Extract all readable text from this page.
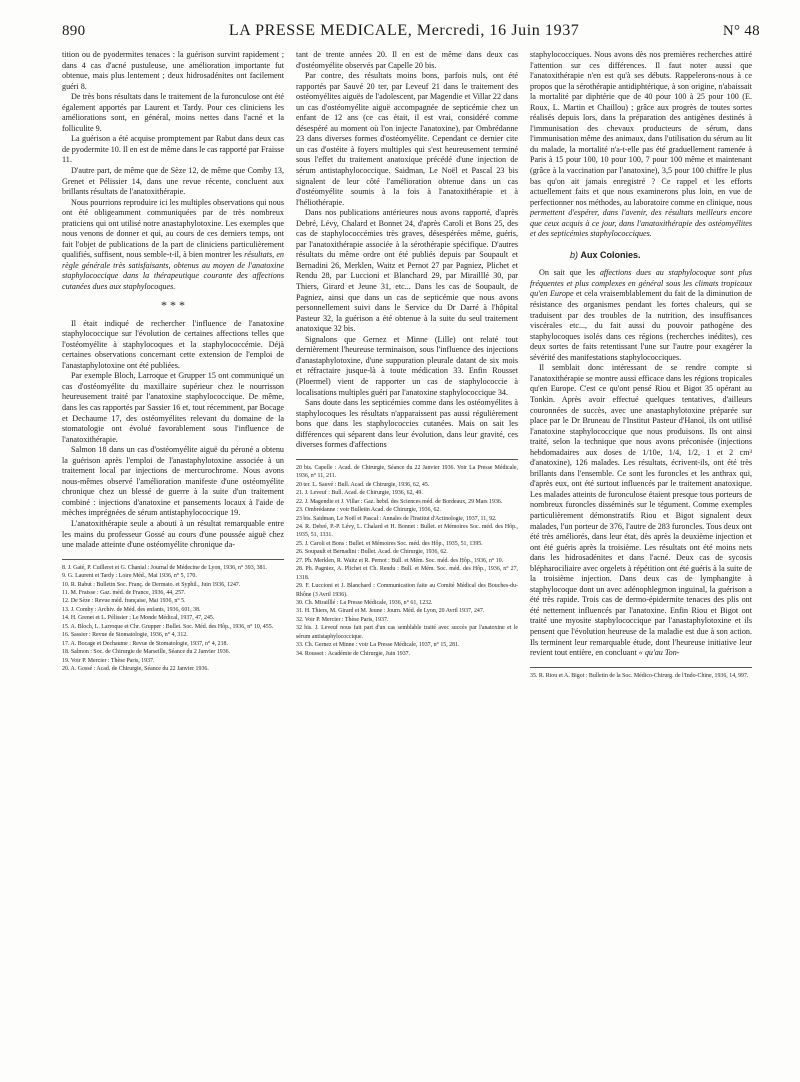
890	LA PRESSE MEDICALE, Mercredi, 16 Juin 1937	N° 48

tition ou de pyodermites tenaces : la guérison survint rapidement ; dans 4 cas d'acné pustuleuse, une amélioration importante fut obtenue, mais plus lentement ; deux hidrosadénites ont facilement guéri 8.

De très bons résultats dans le traitement de la furonculose ont été également apportés par Laurent et Tardy. Pour ces cliniciens les améliorations sont, en général, moins nettes dans l'acné et la folliculite 9.

La guérison a été acquise promptement par Rabut dans deux cas de pyodermite 10. Il en est de même dans le cas rapporté par Fraisse 11.

D'autre part, de même que de Sèze 12, de même que Comby 13, Grenet et Pélissier 14, dans une revue récente, concluent aux brillants résultats de l'anatoxithérapie.

Nous pourrions reproduire ici les multiples observations qui nous ont été obligeamment communiquées par de très nombreux praticiens qui ont utilisé notre anastaphylotoxine. Les exemples que nous venons de donner et qui, au cours de ces derniers temps, ont fait l'objet de publications de la part de cliniciens particulièrement qualifiés, suffisent, nous semble-t-il, à bien montrer les résultats, en règle générale très satisfaisants, obtenus au moyen de l'anatoxine staphylococcique dans la thérapeutique courante des affections cutanées dues aux staphylocoques.

* * *

Il était indiqué de rechercher l'influence de l'anatoxine staphylococcique sur l'évolution de certaines affections telles que l'ostéomyélite à staphylocoques et la staphylococcémie. Déjà certaines observations concernant cette extension de l'emploi de l'anastaphylotoxine ont été publiées.

Par exemple Bloch, Larroque et Grupper 15 ont communiqué un cas d'ostéomyélite du maxillaire supérieur chez le nourrisson heureusement traité par l'anatoxine staphylococcique. De même, dans les cas rapportés par Sassier 16 et, tout récemment, par Bocage et Dechaume 17, des ostéomyélites relevant du domaine de la stomatologie ont évolué favorablement sous l'influence de l'anatoxithérapie.

Salmon 18 dans un cas d'ostéomyélite aiguë du péroné a obtenu la guérison après l'emploi de l'anastaphylotoxine associée à un traitement local par injections de mercurochrome. Nous avons nous-mêmes observé l'amélioration manifeste d'une ostéomyélite chronique chez un blessé de guerre à la suite d'un traitement combiné : injections d'anatoxine et pansements locaux à l'aide de mèches imprégnées de sérum antistaphylococcique 19.

L'anatoxithérapie seule a abouti à un résultat remarquable entre les mains du professeur Gossé au cours d'une poussée aiguë chez une malade atteinte d'une ostéomyélite chronique da-

8. J. Gaté, P. Cuilleret et G. Chanial : Journal de Médecine de Lyon, 1936, n° 393, 381.
9. G. Laurent et Tardy : Loire Méd., Mai 1936, n° 5, 170.
10. R. Rabut : Bulletin Soc. Franç. de Dermato. et Syphil., Juin 1936, 1247.
11. M. Fraisse : Gaz. méd. de France, 1936, 44, 257.
12. De Sèze : Revue méd. française, Mai 1936, n° 5.
13. J. Comby : Archiv. de Méd. des enfants, 1936, 601, 38.
14. H. Grenet et L. Pélissier : Le Monde Médical, 1937, 47, 245.
15. A. Bloch, L. Larroque et Chr. Grupper : Bullet. Soc. Méd. des Hôp., 1936, n° 10, 455.
16. Sassier : Revue de Stomatologie, 1936, n° 4, 312.
17. A. Bocage et Dechaume : Revue de Stomatologie, 1937, n° 4, 218.
18. Salmon : Soc. de Chirurgie de Marseille, Séance du 2 Janvier 1936.
19. Voir P. Mercier : Thèse Paris, 1937.
20. A. Gossé : Acad. de Chirurgie, Séance du 22 Janvier 1936.

tant de trente années 20. Il en est de même dans deux cas d'ostéomyélite observés par Capelle 20 bis.

Par contre, des résultats moins bons, parfois nuls, ont été rapportés par Sauvé 20 ter, par Leveuf 21 dans le traitement des ostéomyélites aiguës de l'adolescent, par Magendie et Villar 22 dans un cas d'ostéomyélite aiguë accompagnée de septicémie chez un enfant de 12 ans (ce cas était, il est vrai, considéré comme désespéré au moment où l'on injecte l'anatoxine), par Ombrédanne 23 dans diverses formes d'ostéomyélite. Cependant ce dernier cite un cas d'ostéite à foyers multiples qui s'est heureusement terminé sous l'effet du traitement anatoxique précédé d'une injection de sérum antistaphylococcique. Saidman, Le Noël et Pascal 23 bis signalent de leur côté l'amélioration obtenue dans un cas d'ostéomyélite soumis à la fois à l'anatoxithérapie et à l'héliothérapie.

Dans nos publications antérieures nous avons rapporté, d'après Debré, Lévy, Chalard et Bonnet 24, d'après Caroli et Bons 25, des cas de staphylococcémies très graves, désespérées même, guéris, par l'anatoxithérapie associée à la sérothérapie spécifique. D'autres résultats du même ordre ont été publiés depuis par Soupault et Bernadini 26, Merklen, Waitz et Pernot 27 par Pagniez, Plichet et Rendu 28, par Luccioni et Blanchard 29, par Mirailllé 30, par Thiers, Girard et Jeune 31, etc... Dans les cas de Soupault, de Pagniez, ainsi que dans un cas de septicémie que nous avons personnellement suivi dans le Service du Dr Darré à l'hôpital Pasteur 32, la guérison a été obtenue à la suite du seul traitement anatoxique 32 bis.

Signalons que Gernez et Minne (Lille) ont relaté tout dernièrement l'heureuse terminaison, sous l'influence des injections d'anastaphylotoxine, d'une suppuration pleurale datant de six mois et réfractaire jusque-là à toute médication 33. Enfin Rousset (Ploermel) vient de rapporter un cas de staphylococcie à localisations multiples guéri par l'anatoxine staphylococcique 34.

Sans doute dans les septicémies comme dans les ostéomyélites à staphylocoques les résultats n'apparaissent pas aussi régulièrement bons que dans les staphylococcies cutanées. Mais on sait les différences qui séparent dans leur évolution, dans leur gravité, ces diverses formes d'affections

20 bis. Capelle : Acad. de Chirurgie, Séance du 22 Janvier 1936. Voir La Presse Médicale, 1936, n° 11, 211.
20 ter. L. Sauvé : Bull. Acad. de Chirurgie, 1936, 62, 45.
21. J. Leveuf : Bull. Acad. de Chirurgie, 1936, 62, 49.
22. J. Magendie et J. Villar : Gaz. hebd. des Sciences méd. de Bordeaux, 29 Mars 1936.
23. Ombrédanne : voir Bulletin Acad. de Chirurgie, 1936, 62.
23 bis. Saidman, Le Noël et Pascal : Annales de l'Institut d'Actinologie, 1937, 11, 92.
24. R. Debré, P.-P. Lévy, L. Chalard et H. Bonnet : Bullet. et Mémoires Soc. méd. des Hôp., 1935, 51, 1331.
25. J. Caroli et Bons : Bullet. et Mémoires Soc. méd. des Hôp., 1935, 51, 1395.
26. Soupault et Bernadini : Bullet. Acad. de Chirurgie, 1936, 62.
27. Ph. Merklen, R. Waitz et R. Pernot : Bull. et Mém. Soc. méd. des Hôp., 1936, n° 10.
28. Ph. Pagniez, A. Plichet et Ch. Rendu : Bull. et Mém. Soc. méd. des Hôp., 1936, n° 27, 1318.
29. F. Luccioni et J. Blanchard : Communication faite au Comité Médical des Bouches-du-Rhône (3 Avril 1936).
30. Ch. Mirailllé : La Presse Médicale, 1936, n° 61, 1232.
31. H. Thiers, M. Girard et M. Jeune : Journ. Méd. de Lyon, 20 Avril 1937, 247.
32. Voir P. Mercier : Thèse Paris, 1937.
32 bis. J. Leveuf nous fait part d'un cas semblable traité avec succès par l'anatoxine et le sérum antistaphylococcique.
33. Ch. Gernez et Minne : voir La Presse Médicale, 1937, n° 15, 281.
34. Rousset : Académie de Chirurgie, Juin 1937.

staphylococciques. Nous avons dès nos premières recherches attiré l'attention sur ces différences. Il faut noter aussi que l'anatoxithérapie n'en est qu'à ses débuts. Rappelerons-nous à ce propos que la sérothérapie antidiphtérique, à son origine, n'abaissait la mortalité par diphtérie que de 40 pour 100 à 25 pour 100 (E. Roux, L. Martin et Chaillou) ; grâce aux progrès de toutes sortes réalisés depuis lors, dans la préparation des antigènes destinés à l'immunisation des chevaux producteurs de sérum, dans l'immunisation même des animaux, dans l'utilisation du sérum au lit du malade, la mortalité n'a-t-elle pas été graduellement ramenée à Paris à 15 pour 100, 10 pour 100, 7 pour 100 même et maintenant (grâce à la vaccination par l'anatoxine), 3,5 pour 100 chiffre le plus bas qu'on ait jamais enregistré ? Ce rappel et les efforts actuellement faits et que nous examinerons plus loin, en vue de perfectionner nos méthodes, au laboratoire comme en clinique, nous permettent d'espérer, dans l'avenir, des résultats meilleurs encore que ceux acquis à ce jour, dans l'anatoxithérapie des ostéomyélites et des septicémies staphylococciques.

b) Aux Colonies.

On sait que les affections dues au staphylocoque sont plus fréquentes et plus complexes en général sous les climats tropicaux qu'en Europe et cela vraisemblablement du fait de la diminution de résistance des organismes pendant les fortes chaleurs, qui se traduisent par des troubles de la nutrition, des insuffisances viscérales etc..., du fait aussi du pouvoir pathogène des staphylocoques isolés dans ces régions (recherches inédites), ces deux sortes de faits retentissant l'une sur l'autre pour exagérer la sévérité des manifestations staphylococciques.

Il semblait donc intéressant de se rendre compte si l'anatoxithérapie se montre aussi efficace dans les régions tropicales qu'en Europe. C'est ce qu'ont pensé Riou et Bigot 35 opérant au Tonkin. Après avoir effectué quelques tentatives, d'ailleurs couronnées de succès, avec une anastaphylotoxine préparée sur place par le Dr Bruneau de l'Institut Pasteur d'Hanoï, ils ont utilisé l'anatoxine staphylococcique que nous produisons. Ils ont ainsi traité, selon la technique que nous avons préconisée (injections hebdomadaires aux doses de 1/10e, 1/4, 1/2, 1 et 2 cm³ d'anatoxine), 126 malades. Les résultats, écrivent-ils, ont été très brillants dans l'ensemble. Ce sont les furoncles et les anthrax qui, d'après eux, ont été surtout influencés par le traitement anatoxique. Les malades atteints de furonculose étaient presque tous porteurs de nombreux furoncles disséminés sur le tégument. Comme exemples particulièrement démonstratifs Riou et Bigot signalent deux malades, l'un porteur de 376, l'autre de 283 furoncles. Tous deux ont été très améliorés, dans leur état, dès après la deuxième injection et ont été guéris après la troisième. Les résultats ont été moins nets dans les hidrosadénites et dans l'acné. Deux cas de sycosis blépharociliaire avec orgelets à répétition ont été guéris à la suite de la troisième injection. Dans deux cas de lymphangite à staphylocoque dont un avec adénophlegmon inguinal, la guérison a été très rapide. Trois cas de dermo-épidermite tenaces des plis ont été nettement influencés par l'anatoxine. Enfin Riou et Bigot ont traité une myosite staphylococcique par l'anastaphylotoxine et ils pensent que l'évolution heureuse de la maladie est due à son action. Ils terminent leur remarquable étude, dont l'heureuse initiative leur revient tout entière, en concluant « qu'au Ton-

35. R. Riou et A. Bigot : Bulletin de la Soc. Médico-Chirurg. de l'Indo-Chine, 1936, 14, 997.
